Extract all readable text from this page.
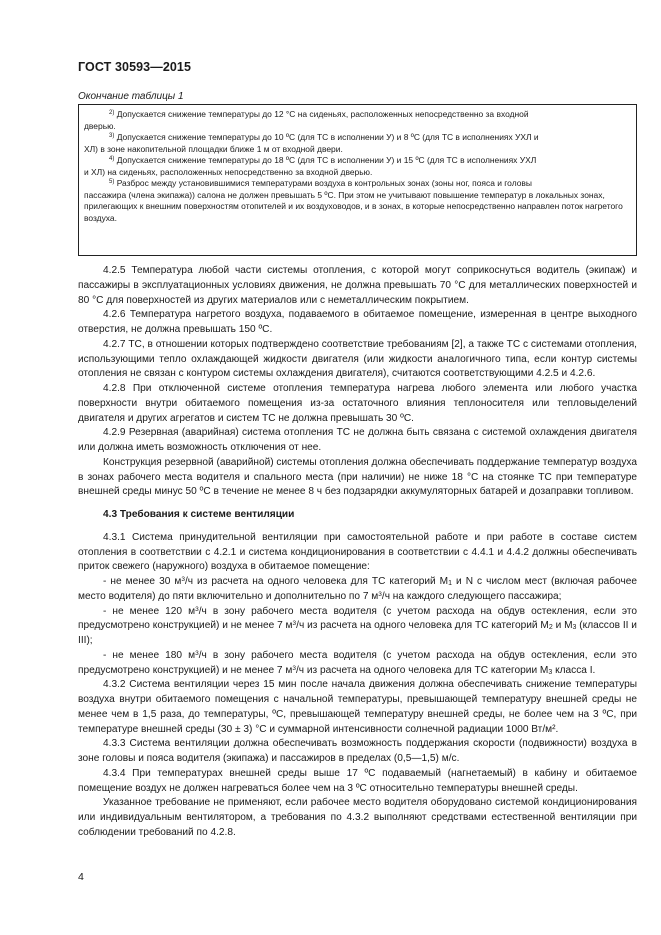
ГОСТ 30593—2015
Окончание таблицы 1

$^{2)}$ Допускается снижение температуры до 12 °С на сиденьях, расположенных непосредственно за входной

дверью.

$^{3)}$ Допускается снижение температуры до 10 ºС (для ТС в исполнении У) и 8 ºС (для ТС в исполнениях УХЛ и

ХЛ) в зоне накопительной площадки ближе 1 м от входной двери.

$^{4)}$ Допускается снижение температуры до 18 ºС (для ТС в исполнении У) и 15 ºС (для ТС в исполнениях УХЛ

и ХЛ) на сиденьях, расположенных непосредственно за входной дверью.

$^{5)}$ Разброс между установившимися температурами воздуха в контрольных зонах (зоны ног, пояса и головы

пассажира (члена экипажа)) салона не должен превышать 5 ºС. При этом не учитывают повышение температур в локальных зонах, прилегающих к внешним поверхностям отопителей и их воздуховодов, и в зонах, в которые непосредственно направлен поток нагретого воздуха.

4.2.5 Температура любой части системы отопления, с которой могут соприкоснуться водитель (экипаж) и пассажиры в эксплуатационных условиях движения, не должна превышать 70 °С для металлических поверхностей и 80 °С для поверхностей из других материалов или с неметаллическим покрытием.

4.2.6 Температура нагретого воздуха, подаваемого в обитаемое помещение, измеренная в центре выходного отверстия, не должна превышать 150 ºС.

4.2.7 ТС, в отношении которых подтверждено соответствие требованиям [2], а также ТС с системами отопления, использующими тепло охлаждающей жидкости двигателя (или жидкости аналогичного типа, если контур системы отопления не связан с контуром системы охлаждения двигателя), считаются соответствующими 4.2.5 и 4.2.6.

4.2.8 При отключенной системе отопления температура нагрева любого элемента или любого участка поверхности внутри обитаемого помещения из-за остаточного влияния теплоносителя или тепловыделений двигателя и других агрегатов и систем ТС не должна превышать 30 ºС.

4.2.9 Резервная (аварийная) система отопления ТС не должна быть связана с системой охлаждения двигателя или должна иметь возможность отключения от нее.

Конструкция резервной (аварийной) системы отопления должна обеспечивать поддержание температур воздуха в зонах рабочего места водителя и спального места (при наличии) не ниже 18 °С на стоянке ТС при температуре внешней среды минус 50 ºС в течение не менее 8 ч без подзарядки аккумуляторных батарей и дозаправки топливом.

4.3 Требования к системе вентиляции

4.3.1 Система принудительной вентиляции при самостоятельной работе и при работе в составе систем отопления в соответствии с 4.2.1 и система кондиционирования в соответствии с 4.4.1 и 4.4.2 должны обеспечивать приток свежего (наружного) воздуха в обитаемое помещение:

- не менее 30 $м^3/ч$ из расчета на одного человека для ТС категорий М1 и N с числом мест (включая рабочее место водителя) до пяти включительно и дополнительно по 7 $м^3/ч$ на каждого следующего пассажира;

- не менее 120 $м^3/ч$ в зону рабочего места водителя (с учетом расхода на обдув остекления, если это предусмотрено конструкцией) и не менее 7 $м^3/ч$ из расчета на одного человека для ТС категорий М2 и М3 (классов II и III);

- не менее 180 $м^3/ч$ в зону рабочего места водителя (с учетом расхода на обдув остекления, если это предусмотрено конструкцией) и не менее 7 $м^3/ч$ из расчета на одного человека для ТС категории М3 класса I.

4.3.2 Система вентиляции через 15 мин после начала движения должна обеспечивать снижение температуры воздуха внутри обитаемого помещения с начальной температуры, превышающей температуру внешней среды не менее чем в 1,5 раза, до температуры, ºС, превышающей температуру внешней среды, не более чем на 3 ºС, при температуре внешней среды (30 ± 3) °С и суммарной интенсивности солнечной радиации 1000 Вт/м².

4.3.3 Система вентиляции должна обеспечивать возможность поддержания скорости (подвижности) воздуха в зоне головы и пояса водителя (экипажа) и пассажиров в пределах (0,5—1,5) м/с.

4.3.4 При температурах внешней среды выше 17 ºС подаваемый (нагнетаемый) в кабину и обитаемое помещение воздух не должен нагреваться более чем на 3 ºС относительно температуры внешней среды.

Указанное требование не применяют, если рабочее место водителя оборудовано системой кондиционирования или индивидуальным вентилятором, а требования по 4.3.2 выполняют средствами естественной вентиляции при соблюдении требований по 4.2.8.

4
